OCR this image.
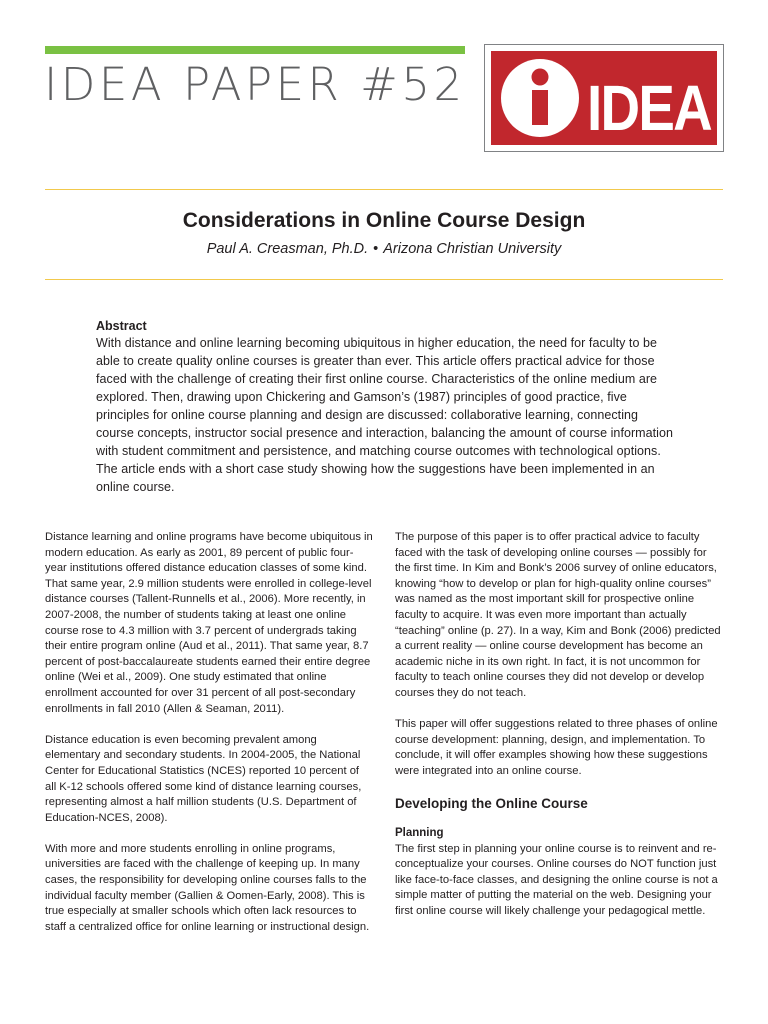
IDEA PAPER #52 IDEA
Considerations in Online Course Design
Paul A. Creasman, Ph.D. • Arizona Christian University
Abstract
With distance and online learning becoming ubiquitous in higher education, the need for faculty to be able to create quality online courses is greater than ever. This article offers practical advice for those faced with the challenge of creating their first online course. Characteristics of the online medium are explored. Then, drawing upon Chickering and Gamson’s (1987) principles of good practice, five principles for online course planning and design are discussed: collaborative learning, connecting course concepts, instructor social presence and interaction, balancing the amount of course information with student commitment and persistence, and matching course outcomes with technological options. The article ends with a short case study showing how the suggestions have been implemented in an online course.

Distance learning and online programs have become ubiquitous in modern education. As early as 2001, 89 percent of public four-year institutions offered distance education classes of some kind. That same year, 2.9 million students were enrolled in college-level distance courses (Tallent-Runnells et al., 2006). More recently, in 2007-2008, the number of students taking at least one online course rose to 4.3 million with 3.7 percent of undergrads taking their entire program online (Aud et al., 2011). That same year, 8.7 percent of post-baccalaureate students earned their entire degree online (Wei et al., 2009). One study estimated that online enrollment accounted for over 31 percent of all post-secondary enrollments in fall 2010 (Allen & Seaman, 2011).

Distance education is even becoming prevalent among elementary and secondary students. In 2004-2005, the National Center for Educational Statistics (NCES) reported 10 percent of all K-12 schools offered some kind of distance learning courses, representing almost a half million students (U.S. Department of Education-NCES, 2008).

With more and more students enrolling in online programs, universities are faced with the challenge of keeping up. In many cases, the responsibility for developing online courses falls to the individual faculty member (Gallien & Oomen-Early, 2008). This is true especially at smaller schools which often lack resources to staff a centralized office for online learning or instructional design.

The purpose of this paper is to offer practical advice to faculty faced with the task of developing online courses — possibly for the first time. In Kim and Bonk’s 2006 survey of online educators, knowing “how to develop or plan for high-quality online courses” was named as the most important skill for prospective online faculty to acquire. It was even more important than actually “teaching” online (p. 27). In a way, Kim and Bonk (2006) predicted a current reality — online course development has become an academic niche in its own right. In fact, it is not uncommon for faculty to teach online courses they did not develop or develop courses they do not teach.

This paper will offer suggestions related to three phases of online course development: planning, design, and implementation. To conclude, it will offer examples showing how these suggestions were integrated into an online course.

Developing the Online Course
Planning

The first step in planning your online course is to reinvent and re-conceptualize your courses. Online courses do NOT function just like face-to-face classes, and designing the online course is not a simple matter of putting the material on the web. Designing your first online course will likely challenge your pedagogical mettle.
